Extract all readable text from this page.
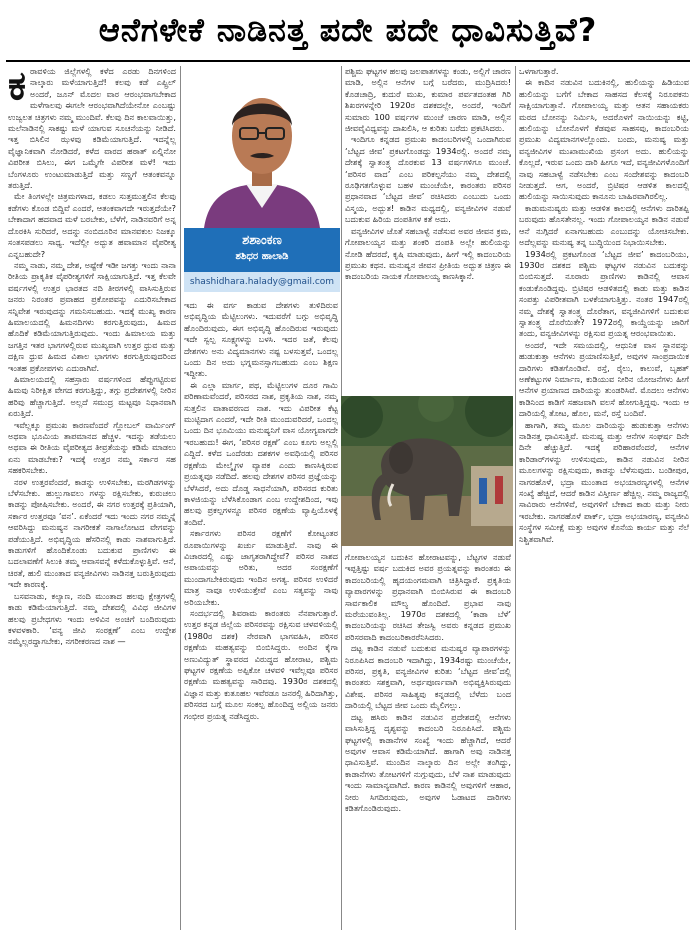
ಆನೆಗಳೇಕೆ ನಾಡಿನತ್ತ ಪದೇ ಪದೇ ಧಾವಿಸುತ್ತಿವೆ?
ಕ ರಾವಳಿಯ ಜಿಲ್ಲೆಗಳಲ್ಲಿ ಕಳೆದ ಎರಡು ದಿನಗಳಿಂದ ನಾಲ್ಕಾರು ಮಳೆಯಾಗುತ್ತಿದೆ! ಕಲವು ಕಡೆ ಎಪ್ಪ್ರಿಲ್ ಅಂದರೆ, ಜೂನ್ ಮೊದಲ ವಾರ ಆರಂಭವಾಗಬೇಕಾದ ಮಳೆಗಾಲವು ಈಗಲೇ ಆರಂಭವಾಗಿದೆಯೇನೋ ಎಂಬಷ್ಟು ಉಜ್ವಲತ ಚಿತ್ರಗಳು ನಮ್ಮ ಮುಂದಿವೆ. ಕೆಲವು ದಿನ ಕಾಲವಾಯಿತ್ತು, ಮಲೆನಾಡಿನಲ್ಲಿ ಸಾಕಷ್ಟು ಮಳೆ ಯಾಗುವ ಸೂಚನೆಯನ್ನು ನೀಡಿದೆ. ಇತ್ತ ಬಿಸಿಲಿನ ಝಳವು ಕಡಿಮೆಯಾಗುತ್ತಿದೆ. ಇದನ್ನೆಲ್ಲ ವೈಜ್ಞಾನಿಕವಾಗಿ ನೋಡಿದರೆ, ಕಳೆದ ವಾರದ ಹಠಾತ್ ಏಲ್ನಿನೋ ವಿಪರೀತ ಬಿಸಿಲು, ಈಗ ಒಮ್ಮೆಗೇ ವಿಪರೀತ ಮಳೆ! ಇದು ಬೆಂಗಳೂರು ಉಂಟುಮಾಡುತ್ತಿದೆ ಮತ್ತು ಸಣ್ಣಗೆ ಆತಂಕವನ್ನೂ ತರುತ್ತಿದೆ.

ಮೇ ತಿಂಗಳಲ್ಲೇ ಚಿತ್ರಮಗಳಾದ, ಕಡಲು ಸುತ್ತಮುತ್ತಲಿನ ಕೆಲವು ಕಡೆಗಳು ಕೊಂಡ ಬಿದ್ದಿವೆ ಎಂದರೆ, ಆತಂಕವಾಗದೇ ಇರುತ್ತದೆಯೇ? ಬೇಕಾದಾಗ ಹದವಾದ ಮಳೆ ಬರಬೇಕು, ಬೆಳೆಗೆ, ನಾಡಿನವರಿಗೆ ಅನ್ನ ದೊರಕಿಸಿ ಸುರಿದರೆ, ಅದನ್ನು ನಂಬಿದೂರಿನ ಮಾನವಕುಲ ನಿಜಕ್ಕೂ ಸಂತಸಪಡಲು ಸಾಧ್ಯ. ಇದೆಲ್ಲೀ ಅದ್ಭುತ ಹವಾಮಾನ ವೈಪರೀತ್ಯ ಎನ್ನಬಹುದೇ?

ನಮ್ಮ ನಾಡು, ನಮ್ಮ ದೇಶ, ಅಷ್ಟೇಕೆ ಇಡೀ ಜಗತ್ತು ಇಂದು ನಾನಾ ರೀತಿಯ ಪ್ರಾಕೃತಿಕ ವೈಪರೀತ್ಯಗಳಿಗೆ ಸಾಕ್ಷಿಯಾಗುತ್ತಿದೆ. ಇತ್ತ ಕೆಲವೇ ವರ್ಷಗಳಲ್ಲಿ ಉತ್ತರ ಭಾರತದ ನದಿ ತೀರಗಳಲ್ಲಿ ವಾಸಿಸುತ್ತಿರುವ ಜನರು ನಿರಂತರ ಪ್ರವಾಹದ ಪ್ರಕೋಪವನ್ನು ಎದುರಿಸಬೇಕಾದ ಸನ್ನಿವೇಶ ಇರುವುದನ್ನು ಗಮನಿಸಬಹುದು. ಇದಕ್ಕೆ ಮುಖ್ಯ ಕಾರಣ ಹಿಮಾಲಯದಲ್ಲಿ ಹಿಮನದಿಗಳು ಕರಗುತ್ತಿರುವುದು, ಹಿಮದ ಹೊದಿಕೆ ಕಡಿಮೆಯಾಗುತ್ತಿರುವುದು. ಇಂದು ಹಿಮಾಲಯ ಮತ್ತು ಜಗತ್ತಿನ ಇತರ ಭಾಗಗಳಲ್ಲಿರುವ ಮುಖ್ಯವಾಗಿ ಉತ್ತರ ಧ್ರುವ ಮತ್ತು ದಕ್ಷಿಣ ಧ್ರುವ ಹಿಮದ ವಿಶಾಲ ಭಾಗಗಳು ಕರಗುತ್ತಿರುವುದರಿಂದ ಇಂತಹ ಪ್ರಕೋಪಗಳು ಎದುರಾಗಿವೆ.

ಹಿಮಾಲಯದಲ್ಲಿ ಸಹಸ್ರಾರು ವರ್ಷಗಳಿಂದ ಹೆಪ್ಪುಗಟ್ಟಿರುವ ಹಿಮವು ನಿರೀಕ್ಷಿತ ವೇಗದ ಕರಗುತ್ತಿದ್ದು, ತಗ್ಗು ಪ್ರದೇಶಗಳಲ್ಲಿ ನೀರಿನ ಹರಿವು ಹೆಚ್ಚಾಗುತ್ತಿದೆ. ಅಲ್ಲದೆ ಸಮುದ್ರ ಮಟ್ಟವೂ ನಿಧಾನವಾಗಿ ಏರುತ್ತಿದೆ.

ಇವೆಲ್ಲಕ್ಕೂ ಪ್ರಮುಖ ಕಾರಣವೆಂದರೆ ಗ್ಲೋಬಲ್ ವಾರ್ಮಿಂಗ್ ಅಥವಾ ಭೂಮಿಯ ತಾಪಮಾನದ ಹೆಚ್ಚಳ. ಇದನ್ನು ತಡೆಯಲು ಅಥವಾ ಈ ರೀತಿಯ ವೈಪರೀತ್ಯದ ತೀವ್ರತೆಯನ್ನು ಕಡಿಮೆ ಮಾಡಲು ಏನು ಮಾಡಬೇಕು? ಇದಕ್ಕೆ ಉತ್ತರ ನಮ್ಮ ಸರ್ಕಾರ ಸಹ ಸಹಕರಿಸಬೇಕು.

ನರಳ ಉತ್ತರವೆಂದರೆ, ಕಾಡನ್ನು ಉಳಿಸಬೇಕು, ಮರಗಿಡಗಳನ್ನು ಬೆಳೆಸಬೇಕು. ಹುಲ್ಲುಗಾವಲು ಗಳನ್ನು ರಕ್ಷಿಸಬೇಕು, ಕುರುಚಲು ಕಾಡನ್ನು ಪೋಷಿಸಬೇಕು. ಅಂದರೆ, ಈ ನಗರ ಉತ್ತರಕ್ಕೆ ಪ್ರತಿಯಾಗಿ, ಸರ್ಕಾರ ಉತ್ತರವೂ ‘ವನ’. ಏಕೆಂದರೆ ಇದು ಇಂದು ನಗರ ನಮ್ಮನ್ನೆ ಆವರಿಸಿದ್ದು ಮನುಷ್ಯನ ನಾಗರೀಕತೆ ನಾಗಾಲೋಟದ ವೇಗವನ್ನು ಪಡೆಯುತ್ತಿದೆ. ಅಭಿವೃದ್ಧಿಯ ಹೆಸರಿನಲ್ಲಿ ಕಾಡು ನಾಶವಾಗುತ್ತಿದೆ. ಕಾಡುಗಳಿಗೆ ಹೊಂದಿಕೊಂಡು ಬದುಕುವ ಪ್ರಾಣಿಗಳು ಈ ಬದಲಾವಣೆಗೆ ಸಿಲುಕಿ ತಮ್ಮ ಆವಾಸವನ್ನೆ ಕಳೆದುಕೊಳ್ಳುತ್ತಿವೆ. ಆನೆ, ಚಿರತೆ, ಹುಲಿ ಮುಂತಾದ ವನ್ಯಜೀವಿಗಳು ನಾಡಿನತ್ತ ಬರುತ್ತಿರುವುದು ಇದೇ ಕಾರಣಕ್ಕೆ.

ಬಸವನಾಡು, ಕಲ್ಯಾಣ, ನಂದಿ ಮುಂತಾದ ಹಲವು ಕ್ಷೇತ್ರಗಳಲ್ಲಿ ಕಾಡು ಕಡಿಮೆಯಾಗುತ್ತಿದೆ. ನಮ್ಮ ದೇಶದಲ್ಲಿ ವಿವಿಧ ಜೀವಿಗಳ ಹಲವು ಪ್ರಬೇಧಗಳು ಇಂದು ಅಳಿವಿನ ಅಂಚಿಗೆ ಬಂದಿರುವುದು ಕಳವಳಕಾರಿ. ‘ವನ್ಯ ಜೀವಿ ಸಂರಕ್ಷಣೆ’ ಎಂಬ ಉದ್ದೇಶ ನಮ್ಮೆಲ್ಲರದ್ದಾಗಬೇಕು, ನಗರೀಕರಣದ ನಾಶ —

ಶಶಾಂಕಣ
ಶಶಿಧರ ಹಾಲಾಡಿ
shashidhara.halady@gmail.com

ಇದು ಈ ವರ್ಗ ಕಾಡುವ ದೇಶಗಳು ತುಳಿದಿರುವ ಅಭಿವೃದ್ಧಿಯ ಮೆಟ್ಟಿಲುಗಳು. ಇದುವರೆಗೆ ಬಗ್ಗು ಅಭಿವೃದ್ಧಿ ಹೊಂದಿರುವುದು, ಈಗ ಅಭಿವೃದ್ಧಿ ಹೊಂದಿರುವ ಇರುವುದು ಇದೇ ಸ್ವಲ್ಪ ಸೂಕ್ಷ್ಮಗಳನ್ನು ಬಳಸಿ. ಇದರ ಜತೆ, ಕೆಲವು ದೇಶಗಳು ಅನು ವಿದ್ಯಮಾನಗಳು ನಷ್ಟ ಬಳಸುತ್ತವೆ, ಒಂದಲ್ಲ ಒಂದು ದಿನ ಅದು ಭಗ್ನಮನಸ್ಸಾಗಬಹುದು ಎಂಬ ಶಿಕ್ಷಣ ಇದ್ದೀತು.

ಈ ಎಲ್ಲಾ ಮಾರ್ಗ, ಪಥ, ಮೆಟ್ಟಿಲುಗಳ ದೂರ ಗಾಮಿ ಪರಿಣಾಮವೆಂದರೆ, ಪರಿಸರದ ನಾಶ, ಪ್ರಕೃತಿಯ ನಾಶ, ನಮ್ಮ ಸುತ್ತಲಿನ ವಾತಾವರಣದ ನಾಶ. ಇದು ವಿಪರೀತ ಕೆಟ್ಟ ಮುಟ್ಟಿದಾಗ ಎಂದರೆ, ಇದೇ ರೀತಿ ಮುಂದುವರಿದರೆ, ಒಂದಲ್ಲ ಒಂದು ದಿನ ಭೂಮಿಯು ಮನುಷ್ಯನಿಗೆ ವಾಸ ಯೋಗ್ಯವಾಗದೇ ಇರಬಹುದು! ಈಗ, ‘ಪರಿಸರ ರಕ್ಷಣೆ’ ಎಂಬ ಕೂಗು ಅಲ್ಲಲ್ಲಿ ಎದ್ದಿದೆ. ಕಳೆದ ಒಂದೆರಡು ದಶಕಗಳ ಅವಧಿಯಲ್ಲಿ ಪರಿಸರ ರಕ್ಷಣೆಯ ಮೇಲ್ಮೈಗಳ ವ್ಯಾಪಕ ಎಂದು ಕಾಣಸಿಕ್ಕಿರುವ ಪ್ರಯತ್ನವೂ ನಡೆದಿದೆ. ಹಲವು ದೇಶಗಳ ಪರಿಸರ ಪ್ರಜ್ಞೆಯನ್ನು ಬೆಳೆಸಿದರೆ, ಅದು ದೊಡ್ಡ ಸಾಧನೆಯಾಗಿ, ಪರಿಸರದ ಕುರಿತು ಕಾಳಜಿಯನ್ನು ಬೆಳೆಸಿಕೊಂಡಾಗ ಎಂಬ ಉದ್ದೇಶದಿಂದ, ಇವು ಹಲವು ಪ್ರಕಲ್ಪಗಳನ್ನೂ ಪರಿಸರ ರಕ್ಷಣೆಯ ವ್ಯಾಪ್ತಿಯೊಳಕ್ಕೆ ತಂದಿವೆ.

ಸರ್ಕಾರಗಳು ಪರಿಸರ ರಕ್ಷಣೆಗೆ ಕೋಟ್ಯಂತರ ರೂಪಾಯಿಗಳನ್ನು ಖರ್ಚು ಮಾಡುತ್ತಿವೆ. ನಾವು ಈ ವಿಚಾರದಲ್ಲಿ ಎಷ್ಟು ಜಾಗೃತರಾಗಿದ್ದೇವೆ? ಪರಿಸರ ನಾಶದ ಅಪಾಯವನ್ನು ಅರಿತು, ಅದರ ಸಂರಕ್ಷಣೆಗೆ ಮುಂದಾಗಬೇಕಿರುವುದು ಇಂದಿನ ಅಗತ್ಯ. ಪರಿಸರ ಉಳಿದರೆ ಮಾತ್ರ ನಾವೂ ಉಳಿಯುತ್ತೇವೆ ಎಂಬ ಸತ್ಯವನ್ನು ನಾವು ಅರಿಯಬೇಕು.

ಸಂದರ್ಭದಲ್ಲಿ ಶಿವರಾಮ ಕಾರಂತರು ನೆನಪಾಗುತ್ತಾರೆ. ಉತ್ತರ ಕನ್ನಡ ಜಿಲ್ಲೆಯ ಪರಿಸರವನ್ನು ರಕ್ಷಿಸುವ ಚಳವಳಿಯಲ್ಲಿ (1980ರ ದಶಕ) ನೇರವಾಗಿ ಭಾಗವಹಿಸಿ, ಪರಿಸರ ರಕ್ಷಣೆಯ ಮಹತ್ವವನ್ನು ಬಿಂಬಿಸಿದ್ದರು. ಅಂದಿನ ಕೈಗಾ ಅಣುವಿದ್ಯುತ್ ಸ್ಥಾವರದ ವಿರುದ್ಧದ ಹೋರಾಟ, ಪಶ್ಚಿಮ ಘಟ್ಟಗಳ ರಕ್ಷಣೆಯ ಅಪ್ಪಿಕೋ ಚಳವಳಿ ಇವೆಲ್ಲವೂ ಪರಿಸರ ರಕ್ಷಣೆಯ ಮಹತ್ವವನ್ನು ಸಾರಿದವು. 1930ರ ದಶಕದಲ್ಲಿ ವಿಜ್ಞಾನ ಮತ್ತು ಕುತೂಹಲ ಇವೆರಡೂ ಜನರಲ್ಲಿ ಹಿರಿದಾಗಿತ್ತು, ಪರಿಸರದ ಬಗ್ಗೆ ಮೂಲ ಸಂಕಲ್ಪ ಹೊಂದಿದ್ದ ಅಲ್ಲಿಯ ಜನರು ಗಂಭೀರ ಪ್ರಯತ್ನ ನಡೆಸಿದ್ದರು.

ಪಶ್ಚಿಮ ಘಟ್ಟಗಳ ಹಲವು ಜಲಪಾತಗಳನ್ನು ಕಂಡು, ಅಲ್ಲಿಗೆ ಚಾರಣ ಮಾಡಿ, ಅಲ್ಲಿನ ಆನೆಗಳ ಬಗ್ಗೆ ಬರೆದರು, ಮುದ್ರಿಸಿದರು! ಕೊಡಚಾದ್ರಿ, ಕುದುರೆ ಮುಖ, ಕುಮಾರ ಪರ್ವತದಂತಹ ಗಿರಿ ಶಿಖರಗಳನ್ನೇರಿ 1920ರ ದಶಕದಲ್ಲೇ, ಅಂದರೆ, ಇಂದಿಗೆ ಸುಮಾರು 100 ವರ್ಷಗಳ ಮುಂಚೆ ಚಾರಣ ಮಾಡಿ, ಅಲ್ಲಿನ ಜೀವವೈವಿಧ್ಯವನ್ನು ದಾಖಲಿಸಿ, ಆ ಕುರಿತು ಬರೆದು ಪ್ರಕಟಿಸಿದರು.

ಇಂದಿಗೂ ಕನ್ನಡದ ಪ್ರಮುಖ ಕಾದಂಬರಿಗಳಲ್ಲಿ ಒಂದಾಗಿರುವ ‘ಬೆಟ್ಟದ ಜೀವ’ ಪ್ರಕಟಗೊಂಡದ್ದು 1934ರಲ್ಲಿ. ಅಂದರೆ ನಮ್ಮ ದೇಶಕ್ಕೆ ಸ್ವಾತಂತ್ರ್ಯ ದೊರಕುವ 13 ವರ್ಷಗಳಿಗೂ ಮುಂಚೆ. ‘ಪರಿಸರ ವಾದ’ ಎಂಬ ಪರಿಕಲ್ಪನೆಯು ನಮ್ಮ ದೇಶದಲ್ಲಿ ರೂಢಿಗತಗೊಳ್ಳುವ ಬಹಳ ಮುಂಚೆಯೇ, ಕಾರಂತರು ಪರಿಸರ ಪ್ರಧಾನವಾದ ‘ಬೆಟ್ಟದ ಜೀವ’ ರಚಿಸಿದರು ಎಂಬುದು ಒಂದು ವಿಸ್ಮಯ, ಅದ್ಭುತ! ಕಾಡಿನ ಮಧ್ಯದಲ್ಲಿ, ವನ್ಯಜೀವಿಗಳ ನಡುವೆ ಬದುಕುವ ಹಿರಿಯ ದಂಪತಿಗಳ ಕತೆ ಅದು.

ವನ್ಯಜೀವಿಗಳ ಜೊತೆ ಸಹಬಾಳ್ವೆ ನಡೆಸುವ ಅವರ ಜೀವನ ಕ್ರಮ, ಗೋಪಾಲಯ್ಯನ ಮತ್ತು ಶಂಕರಿ ದಂಪತಿ ಅಲ್ಲೇ ಹುಲಿಯನ್ನು ನೋಡಿ ಹೆದರದೆ, ಕೃಷಿ ಮಾಡುವುದು, ಹೀಗೆ ಇಲ್ಲಿ ಕಾದಂಬರಿಯ ಪ್ರಮುಖ ಕಥನ. ಮನುಷ್ಯನ ಜೀವನ ಪ್ರೀತಿಯ ಅದ್ಭುತ ಚಿತ್ರಣ ಈ ಕಾದಂಬರಿಯ ನಾಯಕ ಗೋಪಾಲಯ್ಯ ಕಾಣಸಿಕ್ಕಾನೆ.

ಗೋಪಾಲಯ್ಯನ ಬದುಕಿನ ಹೋರಾಟವನ್ನು, ಬೆಟ್ಟಗಳ ನಡುವೆ ಇಪ್ಪತ್ತಿಷ್ಟು ವರ್ಷ ಬದುಕಿದ ಅವರ ಪ್ರಯತ್ನವನ್ನು ಕಾರಂತರು ಈ ಕಾದಂಬರಿಯಲ್ಲಿ ಹೃದಯಂಗಮವಾಗಿ ಚಿತ್ರಿಸಿದ್ದಾರೆ. ಪ್ರಕೃತಿಯ ವ್ಯಾಪಾರಗಳನ್ನು ಪ್ರಧಾನವಾಗಿ ಬಿಂಬಿಸಿರುವ ಈ ಕಾದಂಬರಿ ಸಾರ್ವಕಾಲಿಕ ಮೌಲ್ಯ ಹೊಂದಿದೆ. ಪ್ರಭಾವ ನಾವು ಮರೆಯುವಂತಿಲ್ಲ. 1970ರ ದಶಕದಲ್ಲಿ ‘ಕಾಡಾ ಬೆಳೆ’ ಕಾದಂಬರಿಯನ್ನು ರಚಿಸಿದ ತೇಜಸ್ವಿ ಅವರು ಕನ್ನಡದ ಪ್ರಮುಖ ಪರಿಸರವಾದಿ ಕಾದಂಬರಿಕಾರರೆನಿಸಿದರು.

ದಟ್ಟ ಕಾಡಿನ ನಡುವೆ ಬದುಕುವ ಮನುಷ್ಯರ ವ್ಯಾಪಾರಗಳನ್ನು ನಿರೂಪಿಸಿದ ಕಾದಂಬರಿ ಇದಾಗಿದ್ದು, 1934ರಷ್ಟು ಮುಂಚೆಯೇ, ಪರಿಸರ, ಪ್ರಕೃತಿ, ವನ್ಯಜೀವಿಗಳ ಕುರಿತು ‘ಬೆಟ್ಟದ ಜೀವ’ದಲ್ಲಿ ಕಾರಂತರು ಸಶಕ್ತವಾಗಿ, ಅರ್ಥಪೂರ್ಣವಾಗಿ ಅಭಿವ್ಯಕ್ತಿಸಿರುವುದು ವಿಶೇಷ. ಪರಿಸರ ಸಾಹಿತ್ಯವು ಕನ್ನಡದಲ್ಲಿ ಬೆಳೆದು ಬಂದ ದಾರಿಯಲ್ಲಿ ಬೆಟ್ಟದ ಜೀವ ಒಂದು ಮೈಲಿಗಲ್ಲು.

ದಟ್ಟ ಹಸಿರು ಕಾಡಿನ ನಡುವಿನ ಪ್ರದೇಶದಲ್ಲಿ ಆನೆಗಳು ವಾಸಿಸುತ್ತಿದ್ದ ದೃಶ್ಯವನ್ನು ಕಾದಂಬರಿ ನಿರೂಪಿಸಿದೆ. ಪಶ್ಚಿಮ ಘಟ್ಟಗಳಲ್ಲಿ ಕಾಡಾನೆಗಳ ಸಂಖ್ಯೆ ಇಂದು ಹೆಚ್ಚಾಗಿದೆ, ಆದರೆ ಅವುಗಳ ಆವಾಸ ಕಡಿಮೆಯಾಗಿದೆ. ಹಾಗಾಗಿ ಅವು ನಾಡಿನತ್ತ ಧಾವಿಸುತ್ತಿವೆ. ಮುಂದಿನ ನಾಲ್ಕಾರು ದಿನ ಅಲ್ಲೇ ತಂಗಿದ್ದು, ಕಾಡಾನೆಗಳು ತೋಟಗಳಿಗೆ ನುಗ್ಗುವುದು, ಬೆಳೆ ನಾಶ ಮಾಡುವುದು ಇಂದು ಸಾಮಾನ್ಯವಾಗಿದೆ. ಕಾರಣ ಕಾಡಿನಲ್ಲಿ ಅವುಗಳಿಗೆ ಆಹಾರ, ನೀರು ಸಿಗದಿರುವುದು, ಅವುಗಳ ಓಡಾಟದ ದಾರಿಗಳು ಕಡಿತಗೊಂಡಿರುವುದು.

ಒಳಗಾಗುತ್ತಾರೆ.

ಈ ಕಾದಿನ ನಡುವಿನ ಬದುಕಿನಲ್ಲಿ, ಹುಲಿಯನ್ನು ಹಿಡಿಯುವ ಹುಲಿಯನ್ನು ಬಗೆಗೆ ಬೇಕಾದ ಸಾಹಸದ ಕೆಲಸಕ್ಕೆ ನಿರೂಪಕನು ಸಾಕ್ಷಿಯಾಗುತ್ತಾನೆ. ಗೋಪಾಲಯ್ಯ ಮತ್ತು ಆತನ ಸಹಾಯಕರು ಮರದ ಬೋನನ್ನು ನಿರ್ಮಿಸಿ, ಅದರೊಳಗೆ ನಾಯಿಯನ್ನು ಕಟ್ಟಿ, ಹುಲಿಯನ್ನು ಬೋನೊಳಗೆ ಕೆಡವುವ ಸಾಹಸವು, ಕಾದಂಬರಿಯ ಪ್ರಮುಖ ವಿದ್ಯಮಾನಗಳಲ್ಲೊಂದು. ಬಂದು, ಮನುಷ್ಯ ಮತ್ತು ವನ್ಯಜೀವಿಗಳ ಮುಖಾಮುಖಿಯ ಪ್ರಸಂಗ ಅದು. ಹುಲಿಯನ್ನು ಕೊಲ್ಲದೆ, ಇರುವ ಒಂದು ದಾರಿ ಹೀಗೂ ಇದೆ, ವನ್ಯಜೀವಿಗಳೊಂದಿಗೆ ನಾವು ಸಹಬಾಳ್ವೆ ನಡೆಸಬೇಕು ಎಂಬ ಸಂದೇಶವನ್ನು ಕಾದಂಬರಿ ನೀಡುತ್ತದೆ. ಆಗ, ಅಂದರೆ, ಬ್ರಿಟಿಷರ ಆಡಳಿತ ಕಾಲದಲ್ಲಿ ಹುಲಿಯನ್ನು ಸಾಯಿಸುವುದು ಕಾನೂನು ಬಾಹಿರವಾಗಿರಲಿಲ್ಲ.

ಕಾಡುಮನುಷ್ಯರು ಮತ್ತು ಆಡಳಿತ ಕಾಲದಲ್ಲಿ ಆನೆಗಳು ದಾರಿತಪ್ಪಿ ಬರುವುದು ಹೊಸತೇನಲ್ಲ. ಇಂದು ಗೋಪಾಲಯ್ಯನ ಕಾಡಿನ ನಡುವೆ ಆನೆ ನುಗ್ಗಿದರೆ ಏನಾಗಬಹುದು ಎಂಬುದನ್ನು ಯೋಚಿಸಬೇಕು. ಅದೆಲ್ಲವನ್ನು ಮನುಷ್ಯ ತನ್ನ ಬುದ್ಧಿಯಿಂದ ನಿಭಾಯಿಸಬೇಕು.

1934ರಲ್ಲಿ ಪ್ರಕಟಗೊಂಡ ‘ಬೆಟ್ಟದ ಜೀವ’ ಕಾದಂಬರಿಯು, 1930ರ ದಶಕದ ಪಶ್ಚಿಮ ಘಟ್ಟಗಳ ನಡುವಿನ ಬದುಕನ್ನು ಬಿಂಬಿಸುತ್ತದೆ. ನೂರಾರು ಪ್ರಾಣಿಗಳು ಕಾಡಿನಲ್ಲಿ ಆವಾಸ ಕಂಡುಕೊಂಡಿದ್ದವು. ಬ್ರಿಟಿಷರ ಆಡಳಿತದಲ್ಲಿ ಕಾಡು ಮತ್ತು ಕಾಡಿನ ಸಂಪತ್ತು ವಿಪರೀತವಾಗಿ ಬಳಕೆಯಾಗುತ್ತಿತ್ತು. ನಂತರ 1947ರಲ್ಲಿ ನಮ್ಮ ದೇಶಕ್ಕೆ ಸ್ವಾತಂತ್ರ್ಯ ದೊರೆತಾಗ, ವನ್ಯಜೀವಿಗಳಿಗೆ ಬದುಕುವ ಸ್ವಾತಂತ್ರ್ಯ ದೊರೆಯಿತೇ? 1972ರಲ್ಲಿ ಕಾಯ್ದೆಯನ್ನು ಜಾರಿಗೆ ತಂದು, ವನ್ಯಜೀವಿಗಳನ್ನು ರಕ್ಷಿಸುವ ಪ್ರಯತ್ನ ಆರಂಭವಾಯಿತು.

ಅಂದರೆ, ಇದೇ ಸಮಯದಲ್ಲಿ, ಆಧುನಿಕ ವಾಸ ಸ್ಥಾನವನ್ನು ಹುಡುಕುತ್ತಾ ಆನೆಗಳು ಪ್ರಯಾಣಿಸುತ್ತಿವೆ, ಅವುಗಳ ಸಾಂಪ್ರದಾಯಿಕ ದಾರಿಗಳು ಕಡಿತಗೊಂಡಿವೆ. ರಸ್ತೆ, ರೈಲು, ಕಾಲುವೆ, ಬೃಹತ್ ಅಣೆಕಟ್ಟುಗಳ ನಿರ್ಮಾಣ, ಕುಡಿಯುವ ನೀರಿನ ಯೋಜನೆಗಳು ಹೀಗೆ ಆನೆಗಳ ಪ್ರಯಾಣದ ದಾರಿಯನ್ನು ತುಂಡರಿಸಿವೆ. ಮೊದಲು ಆನೆಗಳು ಕಾಡಿನಿಂದ ಕಾಡಿಗೆ ಸಹಜವಾಗಿ ವಲಸೆ ಹೋಗುತ್ತಿದ್ದವು. ಇಂದು ಆ ದಾರಿಯಲ್ಲಿ ತೋಟ, ಹೊಲ, ಮನೆ, ರಸ್ತೆ ಬಂದಿವೆ.

ಹಾಗಾಗಿ, ತಮ್ಮ ಮೂಲ ದಾರಿಯನ್ನು ಹುಡುಕುತ್ತಾ ಆನೆಗಳು ನಾಡಿನತ್ತ ಧಾವಿಸುತ್ತಿವೆ. ಮನುಷ್ಯ ಮತ್ತು ಆನೆಗಳ ಸಂಘರ್ಷ ದಿನೇ ದಿನೇ ಹೆಚ್ಚುತ್ತಿದೆ. ಇದಕ್ಕೆ ಪರಿಹಾರವೆಂದರೆ, ಆನೆಗಳ ಕಾರಿಡಾರ್‌ಗಳನ್ನು ಉಳಿಸುವುದು, ಕಾಡಿನ ನಡುವಿನ ನೀರಿನ ಮೂಲಗಳನ್ನು ರಕ್ಷಿಸುವುದು, ಕಾಡನ್ನು ಬೆಳೆಸುವುದು. ಬಂಡೀಪುರ, ನಾಗರಹೊಳೆ, ಭದ್ರಾ ಮುಂತಾದ ಅಭಯಾರಣ್ಯಗಳಲ್ಲಿ ಆನೆಗಳ ಸಂಖ್ಯೆ ಹೆಚ್ಚಿದೆ, ಆದರೆ ಕಾಡಿನ ವಿಸ್ತೀರ್ಣ ಹೆಚ್ಚಿಲ್ಲ. ನಮ್ಮ ರಾಜ್ಯದಲ್ಲಿ ಸಾವಿರಾರು ಆನೆಗಳಿವೆ, ಅವುಗಳಿಗೆ ಬೇಕಾದ ಕಾಡು ಮತ್ತು ನೀರು ಇರಬೇಕು. ನಾಗರಹೊಳೆ ಪಾರ್ಕ್, ಭದ್ರಾ ಅಭಯಾರಣ್ಯ, ವನ್ಯಜೀವಿ ಸಂಸ್ಥೆಗಳ ಸಮೀಕ್ಷೆ ಮತ್ತು ಅವುಗಳ ಕೊನೆಯ ಕಾರ್ಯ ಮತ್ತು ನೆಲೆ ನಿಶ್ಚಿತವಾಗಿವೆ.
